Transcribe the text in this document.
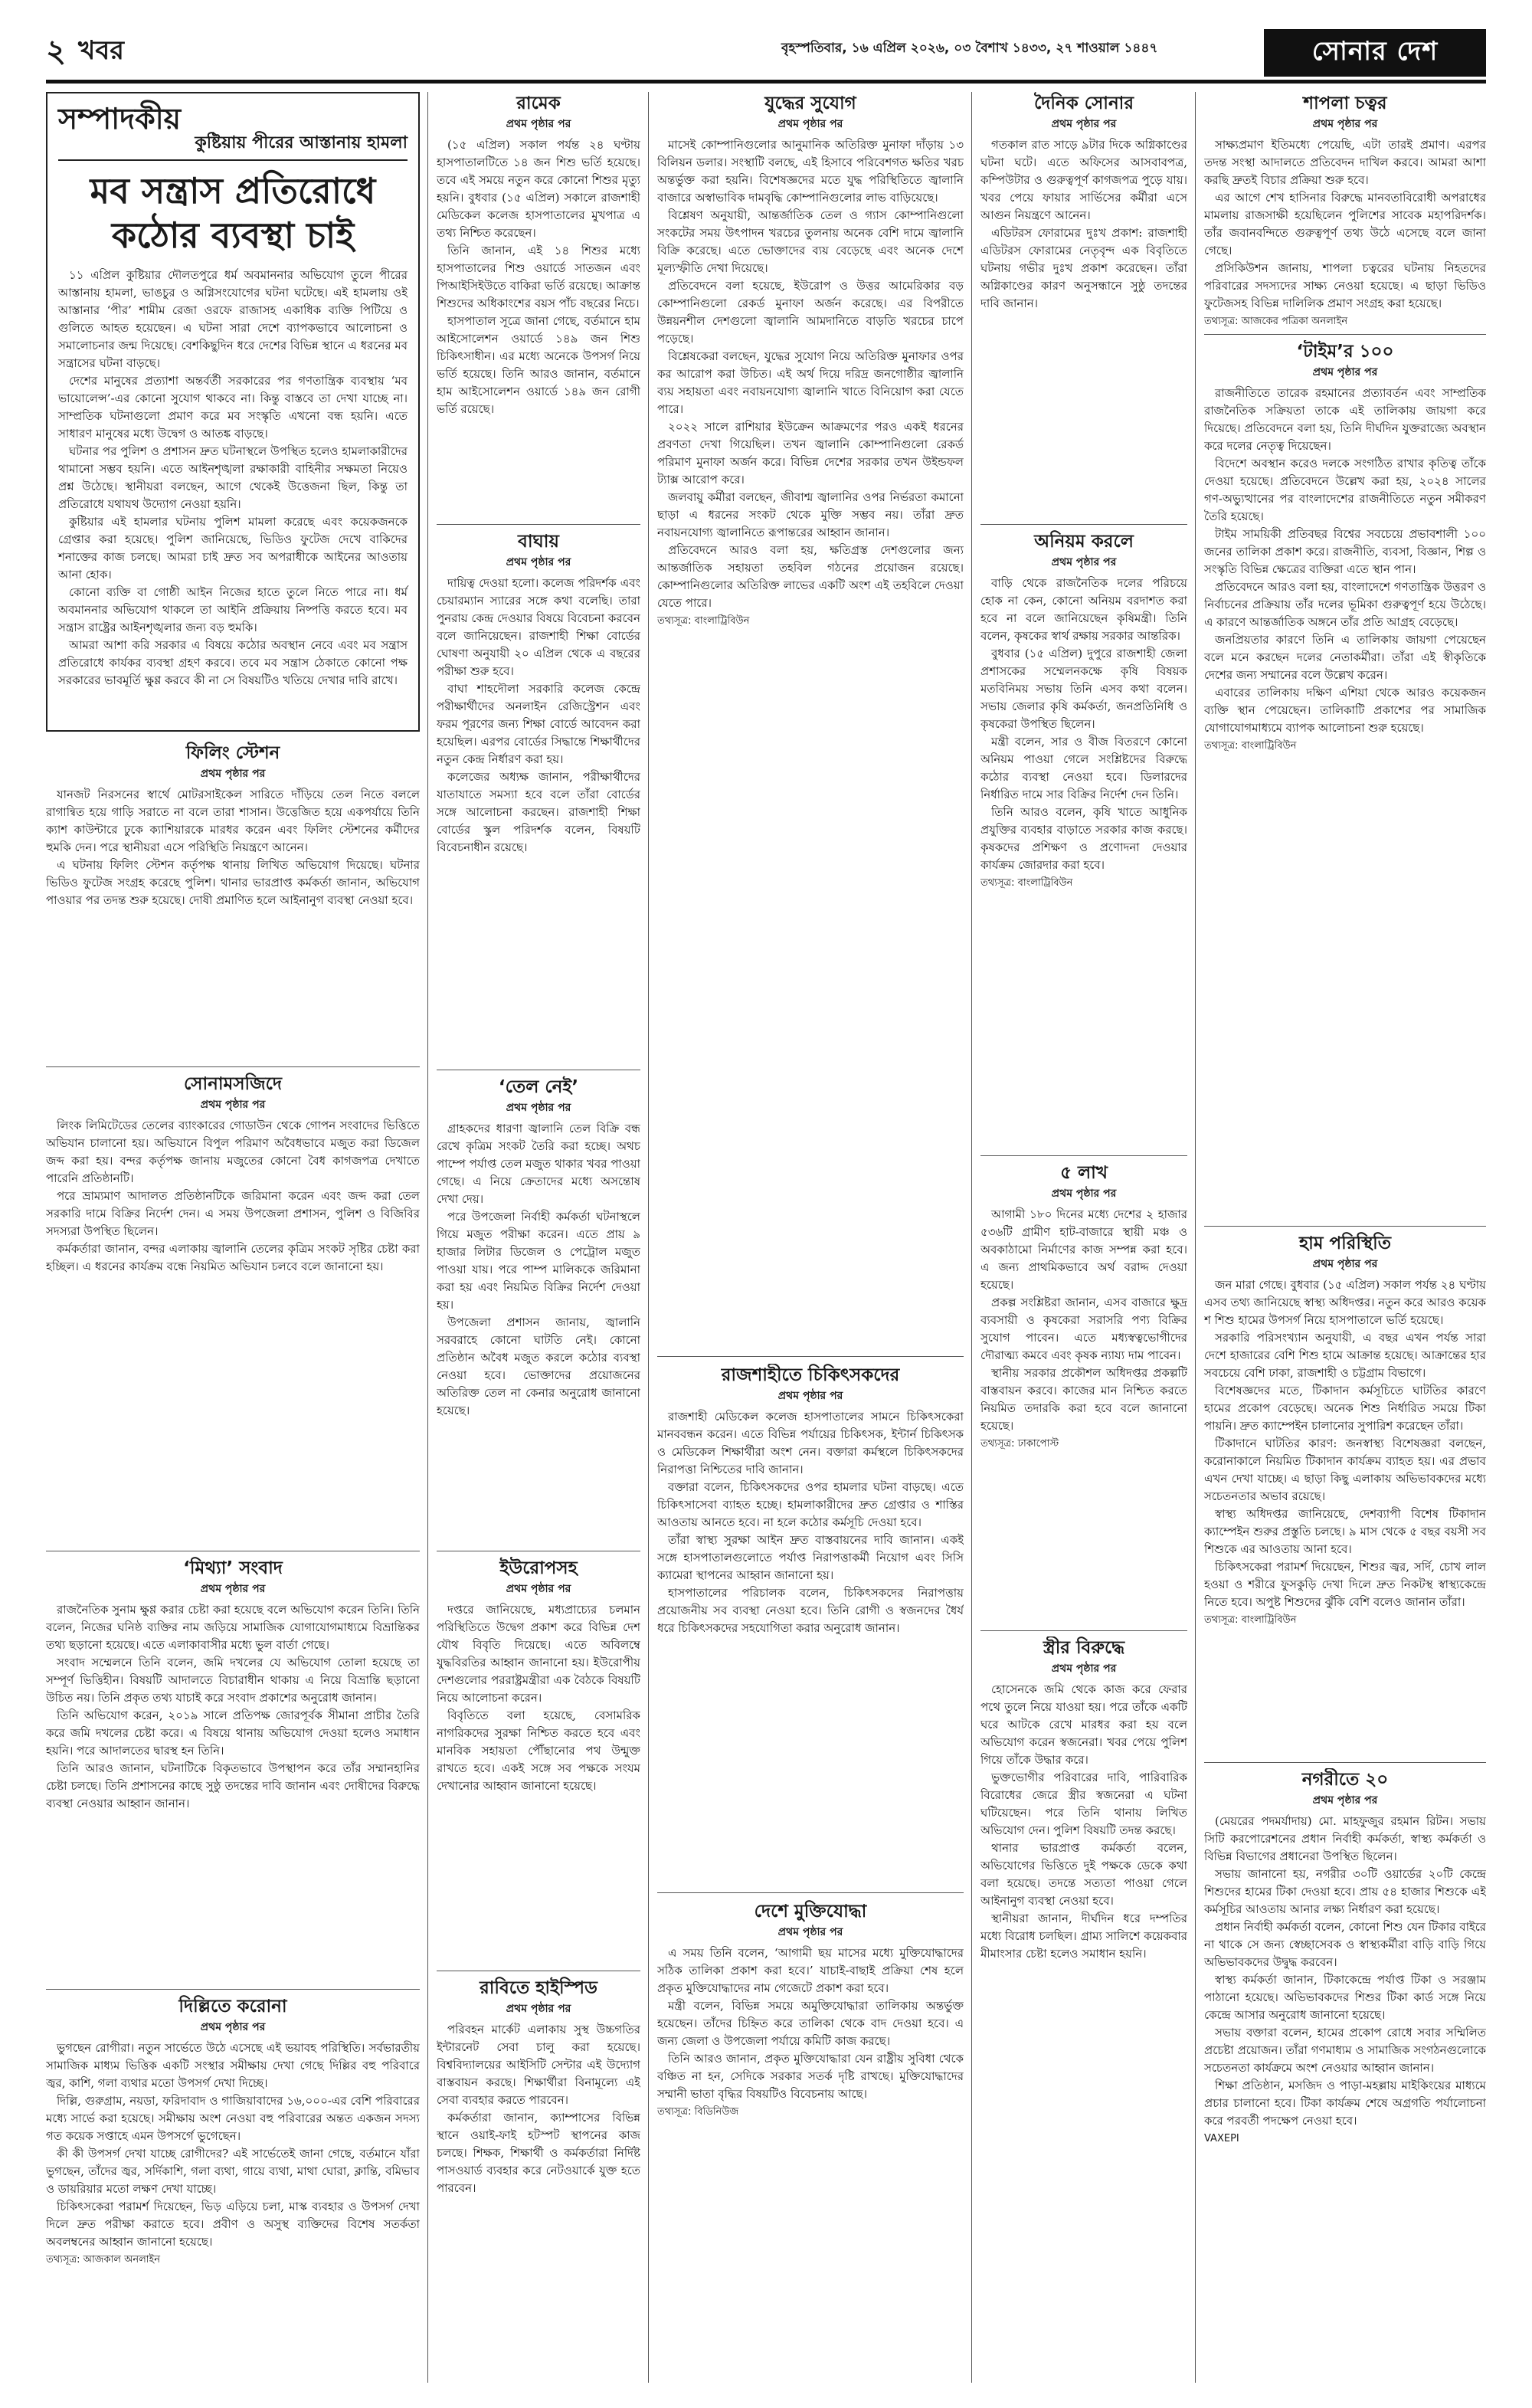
২ খবর	বৃহস্পতিবার, ১৬ এপ্রিল ২০২৬, ০৩ বৈশাখ ১৪৩৩, ২৭ শাওয়াল ১৪৪৭	সোনার দেশ
সম্পাদকীয়
কুষ্টিয়ায় পীরের আস্তানায় হামলা
মব সন্ত্রাস প্রতিরোধে কঠোর ব্যবস্থা চাই

১১ এপ্রিল কুষ্টিয়ার দৌলতপুরে ধর্ম অবমাননার অভিযোগ তুলে পীরের আস্তানায় হামলা, ভাঙচুর ও অগ্নিসংযোগের ঘটনা ঘটেছে। এই হামলায় ওই আস্তানার ‘পীর’ শামীম রেজা ওরফে রাজাসহ একাধিক ব্যক্তি পিটিয়ে ও গুলিতে আহত হয়েছেন। এ ঘটনা সারা দেশে ব্যাপকভাবে আলোচনা ও সমালোচনার জন্ম দিয়েছে। বেশকিছুদিন ধরে দেশের বিভিন্ন স্থানে এ ধরনের মব সন্ত্রাসের ঘটনা বাড়ছে।

দেশের মানুষের প্রত্যাশা অন্তর্বর্তী সরকারের পর গণতান্ত্রিক ব্যবস্থায় ‘মব ভায়োলেন্স’-এর কোনো সুযোগ থাকবে না। কিন্তু বাস্তবে তা দেখা যাচ্ছে না। সাম্প্রতিক ঘটনাগুলো প্রমাণ করে মব সংস্কৃতি এখনো বন্ধ হয়নি। এতে সাধারণ মানুষের মধ্যে উদ্বেগ ও আতঙ্ক বাড়ছে।

ঘটনার পর পুলিশ ও প্রশাসন দ্রুত ঘটনাস্থলে উপস্থিত হলেও হামলাকারীদের থামানো সম্ভব হয়নি। এতে আইনশৃঙ্খলা রক্ষাকারী বাহিনীর সক্ষমতা নিয়েও প্রশ্ন উঠেছে। স্থানীয়রা বলছেন, আগে থেকেই উত্তেজনা ছিল, কিন্তু তা প্রতিরোধে যথাযথ উদ্যোগ নেওয়া হয়নি।

কুষ্টিয়ার এই হামলার ঘটনায় পুলিশ মামলা করেছে এবং কয়েকজনকে গ্রেপ্তার করা হয়েছে। পুলিশ জানিয়েছে, ভিডিও ফুটেজ দেখে বাকিদের শনাক্তের কাজ চলছে। আমরা চাই দ্রুত সব অপরাধীকে আইনের আওতায় আনা হোক।

কোনো ব্যক্তি বা গোষ্ঠী আইন নিজের হাতে তুলে নিতে পারে না। ধর্ম অবমাননার অভিযোগ থাকলে তা আইনি প্রক্রিয়ায় নিষ্পত্তি করতে হবে। মব সন্ত্রাস রাষ্ট্রের আইনশৃঙ্খলার জন্য বড় হুমকি।

আমরা আশা করি সরকার এ বিষয়ে কঠোর অবস্থান নেবে এবং মব সন্ত্রাস প্রতিরোধে কার্যকর ব্যবস্থা গ্রহণ করবে। তবে মব সন্ত্রাস ঠেকাতে কোনো পক্ষ সরকারের ভাবমূর্তি ক্ষুণ্ণ করবে কী না সে বিষয়টিও খতিয়ে দেখার দাবি রাখে।

ফিলিং স্টেশন
প্রথম পৃষ্ঠার পর

যানজট নিরসনের স্বার্থে মোটরসাইকেল সারিতে দাঁড়িয়ে তেল নিতে বললে রাগান্বিত হয়ে গাড়ি সরাতে না বলে তারা শাসান। উত্তেজিত হয়ে একপর্যায়ে তিনি ক্যাশ কাউন্টারে ঢুকে ক্যাশিয়ারকে মারধর করেন এবং ফিলিং স্টেশনের কর্মীদের হুমকি দেন। পরে স্থানীয়রা এসে পরিস্থিতি নিয়ন্ত্রণে আনেন।

এ ঘটনায় ফিলিং স্টেশন কর্তৃপক্ষ থানায় লিখিত অভিযোগ দিয়েছে। ঘটনার ভিডিও ফুটেজ সংগ্রহ করেছে পুলিশ। থানার ভারপ্রাপ্ত কর্মকর্তা জানান, অভিযোগ পাওয়ার পর তদন্ত শুরু হয়েছে। দোষী প্রমাণিত হলে আইনানুগ ব্যবস্থা নেওয়া হবে।

সোনামসজিদে
প্রথম পৃষ্ঠার পর

লিংক লিমিটেডের তেলের ব্যাংকারের গোডাউন থেকে গোপন সংবাদের ভিত্তিতে অভিযান চালানো হয়। অভিযানে বিপুল পরিমাণ অবৈধভাবে মজুত করা ডিজেল জব্দ করা হয়। বন্দর কর্তৃপক্ষ জানায় মজুতের কোনো বৈধ কাগজপত্র দেখাতে পারেনি প্রতিষ্ঠানটি।

পরে ভ্রাম্যমাণ আদালত প্রতিষ্ঠানটিকে জরিমানা করেন এবং জব্দ করা তেল সরকারি দামে বিক্রির নির্দেশ দেন। এ সময় উপজেলা প্রশাসন, পুলিশ ও বিজিবির সদস্যরা উপস্থিত ছিলেন।

কর্মকর্তারা জানান, বন্দর এলাকায় জ্বালানি তেলের কৃত্রিম সংকট সৃষ্টির চেষ্টা করা হচ্ছিল। এ ধরনের কার্যক্রম বন্ধে নিয়মিত অভিযান চলবে বলে জানানো হয়।

‘মিথ্যা’ সংবাদ
প্রথম পৃষ্ঠার পর

রাজনৈতিক সুনাম ক্ষুণ্ণ করার চেষ্টা করা হয়েছে বলে অভিযোগ করেন তিনি। তিনি বলেন, নিজের ঘনিষ্ঠ ব্যক্তির নাম জড়িয়ে সামাজিক যোগাযোগমাধ্যমে বিভ্রান্তিকর তথ্য ছড়ানো হয়েছে। এতে এলাকাবাসীর মধ্যে ভুল বার্তা গেছে।

সংবাদ সম্মেলনে তিনি বলেন, জমি দখলের যে অভিযোগ তোলা হয়েছে তা সম্পূর্ণ ভিত্তিহীন। বিষয়টি আদালতে বিচারাধীন থাকায় এ নিয়ে বিভ্রান্তি ছড়ানো উচিত নয়। তিনি প্রকৃত তথ্য যাচাই করে সংবাদ প্রকাশের অনুরোধ জানান।

তিনি অভিযোগ করেন, ২০১৯ সালে প্রতিপক্ষ জোরপূর্বক সীমানা প্রাচীর তৈরি করে জমি দখলের চেষ্টা করে। এ বিষয়ে থানায় অভিযোগ দেওয়া হলেও সমাধান হয়নি। পরে আদালতের দ্বারস্থ হন তিনি।

তিনি আরও জানান, ঘটনাটিকে বিকৃতভাবে উপস্থাপন করে তাঁর সম্মানহানির চেষ্টা চলছে। তিনি প্রশাসনের কাছে সুষ্ঠু তদন্তের দাবি জানান এবং দোষীদের বিরুদ্ধে ব্যবস্থা নেওয়ার আহ্বান জানান।

দিল্লিতে করোনা
প্রথম পৃষ্ঠার পর

ভুগছেন রোগীরা। নতুন সার্ভেতে উঠে এসেছে এই ভয়াবহ পরিস্থিতি। সর্বভারতীয় সামাজিক মাধ্যম ভিত্তিক একটি সংস্থার সমীক্ষায় দেখা গেছে দিল্লির বহু পরিবারে জ্বর, কাশি, গলা ব্যথার মতো উপসর্গ দেখা দিচ্ছে।

দিল্লি, গুরুগ্রাম, নয়ডা, ফরিদাবাদ ও গাজিয়াবাদের ১৬,০০০-এর বেশি পরিবারের মধ্যে সার্ভে করা হয়েছে। সমীক্ষায় অংশ নেওয়া বহু পরিবারের অন্তত একজন সদস্য গত কয়েক সপ্তাহে এমন উপসর্গে ভুগেছেন।

কী কী উপসর্গ দেখা যাচ্ছে রোগীদের? এই সার্ভেতেই জানা গেছে, বর্তমানে যাঁরা ভুগছেন, তাঁদের জ্বর, সর্দিকাশি, গলা ব্যথা, গায়ে ব্যথা, মাথা ঘোরা, ক্লান্তি, বমিভাব ও ডায়রিয়ার মতো লক্ষণ দেখা যাচ্ছে।

চিকিৎসকেরা পরামর্শ দিয়েছেন, ভিড় এড়িয়ে চলা, মাস্ক ব্যবহার ও উপসর্গ দেখা দিলে দ্রুত পরীক্ষা করাতে হবে। প্রবীণ ও অসুস্থ ব্যক্তিদের বিশেষ সতর্কতা অবলম্বনের আহ্বান জানানো হয়েছে।

তথ্যসূত্র: আজকাল অনলাইন
রামেক
প্রথম পৃষ্ঠার পর

(১৫ এপ্রিল) সকাল পর্যন্ত ২৪ ঘণ্টায় হাসপাতালটিতে ১৪ জন শিশু ভর্তি হয়েছে। তবে এই সময়ে নতুন করে কোনো শিশুর মৃত্যু হয়নি। বুধবার (১৫ এপ্রিল) সকালে রাজশাহী মেডিকেল কলেজ হাসপাতালের মুখপাত্র এ তথ্য নিশ্চিত করেছেন।

তিনি জানান, এই ১৪ শিশুর মধ্যে হাসপাতালের শিশু ওয়ার্ডে সাতজন এবং পিআইসিইউতে বাকিরা ভর্তি রয়েছে। আক্রান্ত শিশুদের অধিকাংশের বয়স পাঁচ বছরের নিচে।

হাসপাতাল সূত্রে জানা গেছে, বর্তমানে হাম আইসোলেশন ওয়ার্ডে ১৪৯ জন শিশু চিকিৎসাধীন। এর মধ্যে অনেকে উপসর্গ নিয়ে ভর্তি হয়েছে। তিনি আরও জানান, বর্তমানে হাম আইসোলেশন ওয়ার্ডে ১৪৯ জন রোগী ভর্তি রয়েছে।

বাঘায়
প্রথম পৃষ্ঠার পর

দায়িত্ব দেওয়া হলো। কলেজ পরিদর্শক এবং চেয়ারম্যান স্যারের সঙ্গে কথা বলেছি। তারা পুনরায় কেন্দ্র দেওয়ার বিষয়ে বিবেচনা করবেন বলে জানিয়েছেন। রাজশাহী শিক্ষা বোর্ডের ঘোষণা অনুযায়ী ২০ এপ্রিল থেকে এ বছরের পরীক্ষা শুরু হবে।

বাঘা শাহদৌলা সরকারি কলেজ কেন্দ্রে পরীক্ষার্থীদের অনলাইন রেজিস্ট্রেশন এবং ফরম পূরণের জন্য শিক্ষা বোর্ডে আবেদন করা হয়েছিল। এরপর বোর্ডের সিদ্ধান্তে শিক্ষার্থীদের নতুন কেন্দ্র নির্ধারণ করা হয়।

কলেজের অধ্যক্ষ জানান, পরীক্ষার্থীদের যাতাযাতে সমস্যা হবে বলে তাঁরা বোর্ডের সঙ্গে আলোচনা করছেন। রাজশাহী শিক্ষা বোর্ডের স্কুল পরিদর্শক বলেন, বিষয়টি বিবেচনাধীন রয়েছে।

‘তেল নেই’
প্রথম পৃষ্ঠার পর

গ্রাহকদের ধারণা জ্বালানি তেল বিক্রি বন্ধ রেখে কৃত্রিম সংকট তৈরি করা হচ্ছে। অথচ পাম্পে পর্যাপ্ত তেল মজুত থাকার খবর পাওয়া গেছে। এ নিয়ে ক্রেতাদের মধ্যে অসন্তোষ দেখা দেয়।

পরে উপজেলা নির্বাহী কর্মকর্তা ঘটনাস্থলে গিয়ে মজুত পরীক্ষা করেন। এতে প্রায় ৯ হাজার লিটার ডিজেল ও পেট্রোল মজুত পাওয়া যায়। পরে পাম্প মালিককে জরিমানা করা হয় এবং নিয়মিত বিক্রির নির্দেশ দেওয়া হয়।

উপজেলা প্রশাসন জানায়, জ্বালানি সরবরাহে কোনো ঘাটতি নেই। কোনো প্রতিষ্ঠান অবৈধ মজুত করলে কঠোর ব্যবস্থা নেওয়া হবে। ভোক্তাদের প্রয়োজনের অতিরিক্ত তেল না কেনার অনুরোধ জানানো হয়েছে।

ইউরোপসহ
প্রথম পৃষ্ঠার পর

দপ্তরে জানিয়েছে, মধ্যপ্রাচ্যের চলমান পরিস্থিতিতে উদ্বেগ প্রকাশ করে বিভিন্ন দেশ যৌথ বিবৃতি দিয়েছে। এতে অবিলম্বে যুদ্ধবিরতির আহ্বান জানানো হয়। ইউরোপীয় দেশগুলোর পররাষ্ট্রমন্ত্রীরা এক বৈঠকে বিষয়টি নিয়ে আলোচনা করেন।

বিবৃতিতে বলা হয়েছে, বেসামরিক নাগরিকদের সুরক্ষা নিশ্চিত করতে হবে এবং মানবিক সহায়তা পৌঁছানোর পথ উন্মুক্ত রাখতে হবে। একই সঙ্গে সব পক্ষকে সংযম দেখানোর আহ্বান জানানো হয়েছে।

রাবিতে হাইস্পিড
প্রথম পৃষ্ঠার পর

পরিবহন মার্কেট এলাকায় সুস্থ উচ্চগতির ইন্টারনেট সেবা চালু করা হয়েছে। বিশ্ববিদ্যালয়ের আইসিটি সেন্টার এই উদ্যোগ বাস্তবায়ন করছে। শিক্ষার্থীরা বিনামূল্যে এই সেবা ব্যবহার করতে পারবেন।

কর্মকর্তারা জানান, ক্যাম্পাসের বিভিন্ন স্থানে ওয়াই-ফাই হটস্পট স্থাপনের কাজ চলছে। শিক্ষক, শিক্ষার্থী ও কর্মকর্তারা নির্দিষ্ট পাসওয়ার্ড ব্যবহার করে নেটওয়ার্কে যুক্ত হতে পারবেন।

যুদ্ধের সুযোগ
প্রথম পৃষ্ঠার পর

মাসেই কোম্পানিগুলোর আনুমানিক অতিরিক্ত মুনাফা দাঁড়ায় ১৩ বিলিয়ন ডলার। সংস্থাটি বলছে, এই হিসাবে পরিবেশগত ক্ষতির খরচ অন্তর্ভুক্ত করা হয়নি। বিশেষজ্ঞদের মতে যুদ্ধ পরিস্থিতিতে জ্বালানি বাজারে অস্বাভাবিক দামবৃদ্ধি কোম্পানিগুলোর লাভ বাড়িয়েছে।

বিশ্লেষণ অনুযায়ী, আন্তর্জাতিক তেল ও গ্যাস কোম্পানিগুলো সংকটের সময় উৎপাদন খরচের তুলনায় অনেক বেশি দামে জ্বালানি বিক্রি করেছে। এতে ভোক্তাদের ব্যয় বেড়েছে এবং অনেক দেশে মূল্যস্ফীতি দেখা দিয়েছে।

প্রতিবেদনে বলা হয়েছে, ইউরোপ ও উত্তর আমেরিকার বড় কোম্পানিগুলো রেকর্ড মুনাফা অর্জন করেছে। এর বিপরীতে উন্নয়নশীল দেশগুলো জ্বালানি আমদানিতে বাড়তি খরচের চাপে পড়েছে।

বিশ্লেষকেরা বলছেন, যুদ্ধের সুযোগ নিয়ে অতিরিক্ত মুনাফার ওপর কর আরোপ করা উচিত। এই অর্থ দিয়ে দরিদ্র জনগোষ্ঠীর জ্বালানি ব্যয় সহায়তা এবং নবায়নযোগ্য জ্বালানি খাতে বিনিয়োগ করা যেতে পারে।

২০২২ সালে রাশিয়ার ইউক্রেন আক্রমণের পরও একই ধরনের প্রবণতা দেখা গিয়েছিল। তখন জ্বালানি কোম্পানিগুলো রেকর্ড পরিমাণ মুনাফা অর্জন করে। বিভিন্ন দেশের সরকার তখন উইন্ডফল ট্যাক্স আরোপ করে।

জলবায়ু কর্মীরা বলছেন, জীবাশ্ম জ্বালানির ওপর নির্ভরতা কমানো ছাড়া এ ধরনের সংকট থেকে মুক্তি সম্ভব নয়। তাঁরা দ্রুত নবায়নযোগ্য জ্বালানিতে রূপান্তরের আহ্বান জানান।

প্রতিবেদনে আরও বলা হয়, ক্ষতিগ্রস্ত দেশগুলোর জন্য আন্তর্জাতিক সহায়তা তহবিল গঠনের প্রয়োজন রয়েছে। কোম্পানিগুলোর অতিরিক্ত লাভের একটি অংশ এই তহবিলে দেওয়া যেতে পারে।

তথ্যসূত্র: বাংলাট্রিবিউন
রাজশাহীতে চিকিৎসকদের
প্রথম পৃষ্ঠার পর

রাজশাহী মেডিকেল কলেজ হাসপাতালের সামনে চিকিৎসকেরা মানববন্ধন করেন। এতে বিভিন্ন পর্যায়ের চিকিৎসক, ইন্টার্ন চিকিৎসক ও মেডিকেল শিক্ষার্থীরা অংশ নেন। বক্তারা কর্মস্থলে চিকিৎসকদের নিরাপত্তা নিশ্চিতের দাবি জানান।

বক্তারা বলেন, চিকিৎসকদের ওপর হামলার ঘটনা বাড়ছে। এতে চিকিৎসাসেবা ব্যাহত হচ্ছে। হামলাকারীদের দ্রুত গ্রেপ্তার ও শাস্তির আওতায় আনতে হবে। না হলে কঠোর কর্মসূচি দেওয়া হবে।

তাঁরা স্বাস্থ্য সুরক্ষা আইন দ্রুত বাস্তবায়নের দাবি জানান। একই সঙ্গে হাসপাতালগুলোতে পর্যাপ্ত নিরাপত্তাকর্মী নিয়োগ এবং সিসি ক্যামেরা স্থাপনের আহ্বান জানানো হয়।

হাসপাতালের পরিচালক বলেন, চিকিৎসকদের নিরাপত্তায় প্রয়োজনীয় সব ব্যবস্থা নেওয়া হবে। তিনি রোগী ও স্বজনদের ধৈর্য ধরে চিকিৎসকদের সহযোগিতা করার অনুরোধ জানান।

দেশে মুক্তিযোদ্ধা
প্রথম পৃষ্ঠার পর

এ সময় তিনি বলেন, ‘আগামী ছয় মাসের মধ্যে মুক্তিযোদ্ধাদের সঠিক তালিকা প্রকাশ করা হবে।’ যাচাই-বাছাই প্রক্রিয়া শেষ হলে প্রকৃত মুক্তিযোদ্ধাদের নাম গেজেটে প্রকাশ করা হবে।

মন্ত্রী বলেন, বিভিন্ন সময়ে অমুক্তিযোদ্ধারা তালিকায় অন্তর্ভুক্ত হয়েছেন। তাঁদের চিহ্নিত করে তালিকা থেকে বাদ দেওয়া হবে। এ জন্য জেলা ও উপজেলা পর্যায়ে কমিটি কাজ করছে।

তিনি আরও জানান, প্রকৃত মুক্তিযোদ্ধারা যেন রাষ্ট্রীয় সুবিধা থেকে বঞ্চিত না হন, সেদিকে সরকার সতর্ক দৃষ্টি রাখছে। মুক্তিযোদ্ধাদের সম্মানী ভাতা বৃদ্ধির বিষয়টিও বিবেচনায় আছে।

তথ্যসূত্র: বিডিনিউজ
দৈনিক সোনার
প্রথম পৃষ্ঠার পর

গতকাল রাত সাড়ে ৯টার দিকে অগ্নিকাণ্ডের ঘটনা ঘটে। এতে অফিসের আসবাবপত্র, কম্পিউটার ও গুরুত্বপূর্ণ কাগজপত্র পুড়ে যায়। খবর পেয়ে ফায়ার সার্ভিসের কর্মীরা এসে আগুন নিয়ন্ত্রণে আনেন।

এডিটরস ফোরামের দুঃখ প্রকাশ: রাজশাহী এডিটরস ফোরামের নেতৃবৃন্দ এক বিবৃতিতে ঘটনায় গভীর দুঃখ প্রকাশ করেছেন। তাঁরা অগ্নিকাণ্ডের কারণ অনুসন্ধানে সুষ্ঠু তদন্তের দাবি জানান।

অনিয়ম করলে
প্রথম পৃষ্ঠার পর

বাড়ি থেকে রাজনৈতিক দলের পরিচয়ে হোক না কেন, কোনো অনিয়ম বরদাশত করা হবে না বলে জানিয়েছেন কৃষিমন্ত্রী। তিনি বলেন, কৃষকের স্বার্থ রক্ষায় সরকার আন্তরিক।

বুধবার (১৫ এপ্রিল) দুপুরে রাজশাহী জেলা প্রশাসকের সম্মেলনকক্ষে কৃষি বিষয়ক মতবিনিময় সভায় তিনি এসব কথা বলেন। সভায় জেলার কৃষি কর্মকর্তা, জনপ্রতিনিধি ও কৃষকেরা উপস্থিত ছিলেন।

মন্ত্রী বলেন, সার ও বীজ বিতরণে কোনো অনিয়ম পাওয়া গেলে সংশ্লিষ্টদের বিরুদ্ধে কঠোর ব্যবস্থা নেওয়া হবে। ডিলারদের নির্ধারিত দামে সার বিক্রির নির্দেশ দেন তিনি।

তিনি আরও বলেন, কৃষি খাতে আধুনিক প্রযুক্তির ব্যবহার বাড়াতে সরকার কাজ করছে। কৃষকদের প্রশিক্ষণ ও প্রণোদনা দেওয়ার কার্যক্রম জোরদার করা হবে।

তথ্যসূত্র: বাংলাট্রিবিউন
৫ লাখ
প্রথম পৃষ্ঠার পর

আগামী ১৮০ দিনের মধ্যে দেশের ২ হাজার ৫৩৬টি গ্রামীণ হাট-বাজারে স্থায়ী মঞ্চ ও অবকাঠামো নির্মাণের কাজ সম্পন্ন করা হবে। এ জন্য প্রাথমিকভাবে অর্থ বরাদ্দ দেওয়া হয়েছে।

প্রকল্প সংশ্লিষ্টরা জানান, এসব বাজারে ক্ষুদ্র ব্যবসায়ী ও কৃষকেরা সরাসরি পণ্য বিক্রির সুযোগ পাবেন। এতে মধ্যস্বত্বভোগীদের দৌরাত্ম্য কমবে এবং কৃষক ন্যায্য দাম পাবেন।

স্থানীয় সরকার প্রকৌশল অধিদপ্তর প্রকল্পটি বাস্তবায়ন করবে। কাজের মান নিশ্চিত করতে নিয়মিত তদারকি করা হবে বলে জানানো হয়েছে।

তথ্যসূত্র: ঢাকাপোস্ট
স্ত্রীর বিরুদ্ধে
প্রথম পৃষ্ঠার পর

হোসেনকে জমি থেকে কাজ করে ফেরার পথে তুলে নিয়ে যাওয়া হয়। পরে তাঁকে একটি ঘরে আটকে রেখে মারধর করা হয় বলে অভিযোগ করেন স্বজনেরা। খবর পেয়ে পুলিশ গিয়ে তাঁকে উদ্ধার করে।

ভুক্তভোগীর পরিবারের দাবি, পারিবারিক বিরোধের জেরে স্ত্রীর স্বজনেরা এ ঘটনা ঘটিয়েছেন। পরে তিনি থানায় লিখিত অভিযোগ দেন। পুলিশ বিষয়টি তদন্ত করছে।

থানার ভারপ্রাপ্ত কর্মকর্তা বলেন, অভিযোগের ভিত্তিতে দুই পক্ষকে ডেকে কথা বলা হয়েছে। তদন্তে সত্যতা পাওয়া গেলে আইনানুগ ব্যবস্থা নেওয়া হবে।

স্থানীয়রা জানান, দীর্ঘদিন ধরে দম্পতির মধ্যে বিরোধ চলছিল। গ্রাম্য সালিশে কয়েকবার মীমাংসার চেষ্টা হলেও সমাধান হয়নি।

শাপলা চত্বর
প্রথম পৃষ্ঠার পর

সাক্ষ্যপ্রমাণ ইতিমধ্যে পেয়েছি, এটা তারই প্রমাণ। এরপর তদন্ত সংস্থা আদালতে প্রতিবেদন দাখিল করবে। আমরা আশা করছি দ্রুতই বিচার প্রক্রিয়া শুরু হবে।

এর আগে শেখ হাসিনার বিরুদ্ধে মানবতাবিরোধী অপরাধের মামলায় রাজসাক্ষী হয়েছিলেন পুলিশের সাবেক মহাপরিদর্শক। তাঁর জবানবন্দিতে গুরুত্বপূর্ণ তথ্য উঠে এসেছে বলে জানা গেছে।

প্রসিকিউশন জানায়, শাপলা চত্বরের ঘটনায় নিহতদের পরিবারের সদস্যদের সাক্ষ্য নেওয়া হয়েছে। এ ছাড়া ভিডিও ফুটেজসহ বিভিন্ন দালিলিক প্রমাণ সংগ্রহ করা হয়েছে।

তথ্যসূত্র: আজকের পত্রিকা অনলাইন
‘টাইম’র ১০০
প্রথম পৃষ্ঠার পর

রাজনীতিতে তারেক রহমানের প্রত্যাবর্তন এবং সাম্প্রতিক রাজনৈতিক সক্রিয়তা তাকে এই তালিকায় জায়গা করে দিয়েছে। প্রতিবেদনে বলা হয়, তিনি দীর্ঘদিন যুক্তরাজ্যে অবস্থান করে দলের নেতৃত্ব দিয়েছেন।

বিদেশে অবস্থান করেও দলকে সংগঠিত রাখার কৃতিত্ব তাঁকে দেওয়া হয়েছে। প্রতিবেদনে উল্লেখ করা হয়, ২০২৪ সালের গণ-অভ্যুত্থানের পর বাংলাদেশের রাজনীতিতে নতুন সমীকরণ তৈরি হয়েছে।

টাইম সাময়িকী প্রতিবছর বিশ্বের সবচেয়ে প্রভাবশালী ১০০ জনের তালিকা প্রকাশ করে। রাজনীতি, ব্যবসা, বিজ্ঞান, শিল্প ও সংস্কৃতি বিভিন্ন ক্ষেত্রের ব্যক্তিরা এতে স্থান পান।

প্রতিবেদনে আরও বলা হয়, বাংলাদেশে গণতান্ত্রিক উত্তরণ ও নির্বাচনের প্রক্রিয়ায় তাঁর দলের ভূমিকা গুরুত্বপূর্ণ হয়ে উঠেছে। এ কারণে আন্তর্জাতিক অঙ্গনে তাঁর প্রতি আগ্রহ বেড়েছে।

জনপ্রিয়তার কারণে তিনি এ তালিকায় জায়গা পেয়েছেন বলে মনে করছেন দলের নেতাকর্মীরা। তাঁরা এই স্বীকৃতিকে দেশের জন্য সম্মানের বলে উল্লেখ করেন।

এবারের তালিকায় দক্ষিণ এশিয়া থেকে আরও কয়েকজন ব্যক্তি স্থান পেয়েছেন। তালিকাটি প্রকাশের পর সামাজিক যোগাযোগমাধ্যমে ব্যাপক আলোচনা শুরু হয়েছে।

তথ্যসূত্র: বাংলাট্রিবিউন
হাম পরিস্থিতি
প্রথম পৃষ্ঠার পর

জন মারা গেছে। বুধবার (১৫ এপ্রিল) সকাল পর্যন্ত ২৪ ঘণ্টায় এসব তথ্য জানিয়েছে স্বাস্থ্য অধিদপ্তর। নতুন করে আরও কয়েক শ শিশু হামের উপসর্গ নিয়ে হাসপাতালে ভর্তি হয়েছে।

সরকারি পরিসংখ্যান অনুযায়ী, এ বছর এখন পর্যন্ত সারা দেশে হাজারের বেশি শিশু হামে আক্রান্ত হয়েছে। আক্রান্তের হার সবচেয়ে বেশি ঢাকা, রাজশাহী ও চট্টগ্রাম বিভাগে।

বিশেষজ্ঞদের মতে, টিকাদান কর্মসূচিতে ঘাটতির কারণে হামের প্রকোপ বেড়েছে। অনেক শিশু নির্ধারিত সময়ে টিকা পায়নি। দ্রুত ক্যাম্পেইন চালানোর সুপারিশ করেছেন তাঁরা।

টিকাদানে ঘাটতির কারণ: জনস্বাস্থ্য বিশেষজ্ঞরা বলছেন, করোনাকালে নিয়মিত টিকাদান কার্যক্রম ব্যাহত হয়। এর প্রভাব এখন দেখা যাচ্ছে। এ ছাড়া কিছু এলাকায় অভিভাবকদের মধ্যে সচেতনতার অভাব রয়েছে।

স্বাস্থ্য অধিদপ্তর জানিয়েছে, দেশব্যাপী বিশেষ টিকাদান ক্যাম্পেইন শুরুর প্রস্তুতি চলছে। ৯ মাস থেকে ৫ বছর বয়সী সব শিশুকে এর আওতায় আনা হবে।

চিকিৎসকেরা পরামর্শ দিয়েছেন, শিশুর জ্বর, সর্দি, চোখ লাল হওয়া ও শরীরে ফুসকুড়ি দেখা দিলে দ্রুত নিকটস্থ স্বাস্থ্যকেন্দ্রে নিতে হবে। অপুষ্ট শিশুদের ঝুঁকি বেশি বলেও জানান তাঁরা।

তথ্যসূত্র: বাংলাট্রিবিউন
নগরীতে ২০
প্রথম পৃষ্ঠার পর

(মেয়রের পদমর্যাদায়) মো. মাহফুজুর রহমান রিটন। সভায় সিটি করপোরেশনের প্রধান নির্বাহী কর্মকর্তা, স্বাস্থ্য কর্মকর্তা ও বিভিন্ন বিভাগের প্রধানেরা উপস্থিত ছিলেন।

সভায় জানানো হয়, নগরীর ৩০টি ওয়ার্ডের ২০টি কেন্দ্রে শিশুদের হামের টিকা দেওয়া হবে। প্রায় ৫৪ হাজার শিশুকে এই কর্মসূচির আওতায় আনার লক্ষ্য নির্ধারণ করা হয়েছে।

প্রধান নির্বাহী কর্মকর্তা বলেন, কোনো শিশু যেন টিকার বাইরে না থাকে সে জন্য স্বেচ্ছাসেবক ও স্বাস্থ্যকর্মীরা বাড়ি বাড়ি গিয়ে অভিভাবকদের উদ্বুদ্ধ করবেন।

স্বাস্থ্য কর্মকর্তা জানান, টিকাকেন্দ্রে পর্যাপ্ত টিকা ও সরঞ্জাম পাঠানো হয়েছে। অভিভাবকদের শিশুর টিকা কার্ড সঙ্গে নিয়ে কেন্দ্রে আসার অনুরোধ জানানো হয়েছে।

সভায় বক্তারা বলেন, হামের প্রকোপ রোধে সবার সম্মিলিত প্রচেষ্টা প্রয়োজন। তাঁরা গণমাধ্যম ও সামাজিক সংগঠনগুলোকে সচেতনতা কার্যক্রমে অংশ নেওয়ার আহ্বান জানান।

শিক্ষা প্রতিষ্ঠান, মসজিদ ও পাড়া-মহল্লায় মাইকিংয়ের মাধ্যমে প্রচার চালানো হবে। টিকা কার্যক্রম শেষে অগ্রগতি পর্যালোচনা করে পরবর্তী পদক্ষেপ নেওয়া হবে।

VAXEPI
